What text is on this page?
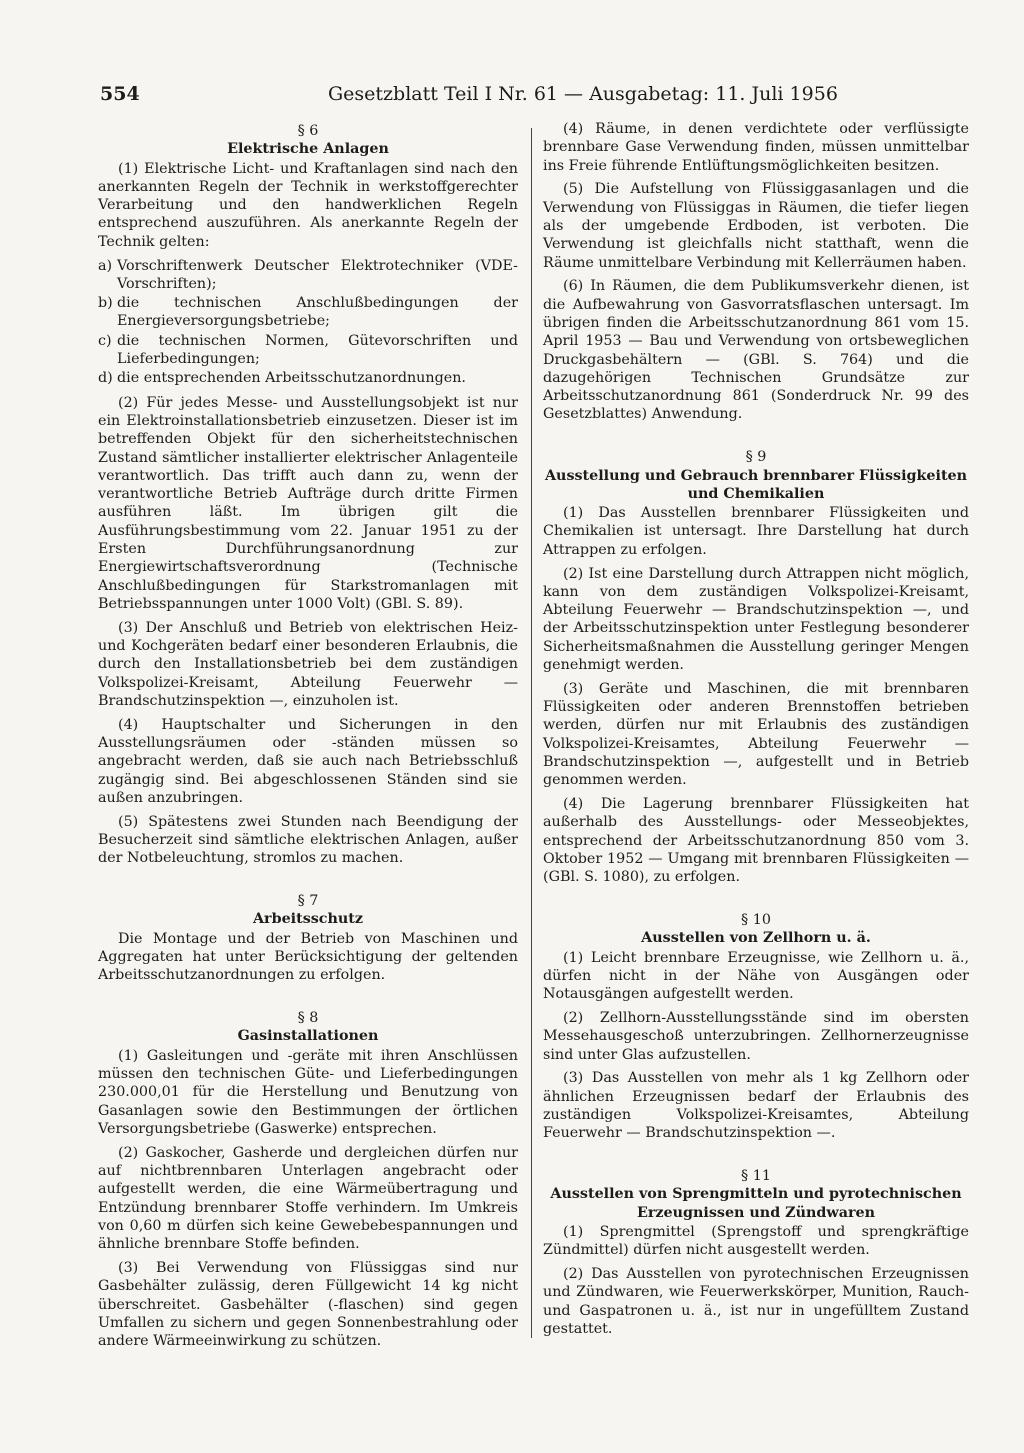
554	Gesetzblatt Teil I Nr. 61 — Ausgabetag: 11. Juli 1956
§ 6
Elektrische Anlagen

(1) Elektrische Licht- und Kraftanlagen sind nach den anerkannten Regeln der Technik in werkstoffgerechter Verarbeitung und den handwerklichen Regeln entsprechend auszuführen. Als anerkannte Regeln der Technik gelten:

a) Vorschriftenwerk Deutscher Elektrotechniker (VDE-Vorschriften);
b) die technischen Anschlußbedingungen der Energieversorgungsbetriebe;
c) die technischen Normen, Gütevorschriften und Lieferbedingungen;
d) die entsprechenden Arbeitsschutzanordnungen.

(2) Für jedes Messe- und Ausstellungsobjekt ist nur ein Elektroinstallationsbetrieb einzusetzen. Dieser ist im betreffenden Objekt für den sicherheitstechnischen Zustand sämtlicher installierter elektrischer Anlagenteile verantwortlich. Das trifft auch dann zu, wenn der verantwortliche Betrieb Aufträge durch dritte Firmen ausführen läßt. Im übrigen gilt die Ausführungsbestimmung vom 22. Januar 1951 zu der Ersten Durchführungsanordnung zur Energiewirtschaftsverordnung (Technische Anschlußbedingungen für Starkstromanlagen mit Betriebsspannungen unter 1000 Volt) (GBl. S. 89).

(3) Der Anschluß und Betrieb von elektrischen Heiz- und Kochgeräten bedarf einer besonderen Erlaubnis, die durch den Installationsbetrieb bei dem zuständigen Volkspolizei-Kreisamt, Abteilung Feuerwehr — Brandschutzinspektion —, einzuholen ist.

(4) Hauptschalter und Sicherungen in den Ausstellungsräumen oder -ständen müssen so angebracht werden, daß sie auch nach Betriebsschluß zugängig sind. Bei abgeschlossenen Ständen sind sie außen anzubringen.

(5) Spätestens zwei Stunden nach Beendigung der Besucherzeit sind sämtliche elektrischen Anlagen, außer der Notbeleuchtung, stromlos zu machen.

§ 7
Arbeitsschutz

Die Montage und der Betrieb von Maschinen und Aggregaten hat unter Berücksichtigung der geltenden Arbeitsschutzanordnungen zu erfolgen.

§ 8
Gasinstallationen

(1) Gasleitungen und -geräte mit ihren Anschlüssen müssen den technischen Güte- und Lieferbedingungen 230.000,01 für die Herstellung und Benutzung von Gasanlagen sowie den Bestimmungen der örtlichen Versorgungsbetriebe (Gaswerke) entsprechen.

(2) Gaskocher, Gasherde und dergleichen dürfen nur auf nichtbrennbaren Unterlagen angebracht oder aufgestellt werden, die eine Wärmeübertragung und Entzündung brennbarer Stoffe verhindern. Im Umkreis von 0,60 m dürfen sich keine Gewebebespannungen und ähnliche brennbare Stoffe befinden.

(3) Bei Verwendung von Flüssiggas sind nur Gasbehälter zulässig, deren Füllgewicht 14 kg nicht überschreitet. Gasbehälter (-flaschen) sind gegen Umfallen zu sichern und gegen Sonnenbestrahlung oder andere Wärmeeinwirkung zu schützen.

(4) Räume, in denen verdichtete oder verflüssigte brennbare Gase Verwendung finden, müssen unmittelbar ins Freie führende Entlüftungsmöglichkeiten besitzen.

(5) Die Aufstellung von Flüssiggasanlagen und die Verwendung von Flüssiggas in Räumen, die tiefer liegen als der umgebende Erdboden, ist verboten. Die Verwendung ist gleichfalls nicht statthaft, wenn die Räume unmittelbare Verbindung mit Kellerräumen haben.

(6) In Räumen, die dem Publikumsverkehr dienen, ist die Aufbewahrung von Gasvorratsflaschen untersagt. Im übrigen finden die Arbeitsschutzanordnung 861 vom 15. April 1953 — Bau und Verwendung von ortsbeweglichen Druckgasbehältern — (GBl. S. 764) und die dazugehörigen Technischen Grundsätze zur Arbeitsschutzanordnung 861 (Sonderdruck Nr. 99 des Gesetzblattes) Anwendung.

§ 9
Ausstellung und Gebrauch brennbarer Flüssigkeiten und Chemikalien

(1) Das Ausstellen brennbarer Flüssigkeiten und Chemikalien ist untersagt. Ihre Darstellung hat durch Attrappen zu erfolgen.

(2) Ist eine Darstellung durch Attrappen nicht möglich, kann von dem zuständigen Volkspolizei-Kreisamt, Abteilung Feuerwehr — Brandschutzinspektion —, und der Arbeitsschutzinspektion unter Festlegung besonderer Sicherheitsmaßnahmen die Ausstellung geringer Mengen genehmigt werden.

(3) Geräte und Maschinen, die mit brennbaren Flüssigkeiten oder anderen Brennstoffen betrieben werden, dürfen nur mit Erlaubnis des zuständigen Volkspolizei-Kreisamtes, Abteilung Feuerwehr — Brandschutzinspektion —, aufgestellt und in Betrieb genommen werden.

(4) Die Lagerung brennbarer Flüssigkeiten hat außerhalb des Ausstellungs- oder Messeobjektes, entsprechend der Arbeitsschutzanordnung 850 vom 3. Oktober 1952 — Umgang mit brennbaren Flüssigkeiten — (GBl. S. 1080), zu erfolgen.

§ 10
Ausstellen von Zellhorn u. ä.

(1) Leicht brennbare Erzeugnisse, wie Zellhorn u. ä., dürfen nicht in der Nähe von Ausgängen oder Notausgängen aufgestellt werden.

(2) Zellhorn-Ausstellungsstände sind im obersten Messehausgeschoß unterzubringen. Zellhornerzeugnisse sind unter Glas aufzustellen.

(3) Das Ausstellen von mehr als 1 kg Zellhorn oder ähnlichen Erzeugnissen bedarf der Erlaubnis des zuständigen Volkspolizei-Kreisamtes, Abteilung Feuerwehr — Brandschutzinspektion —.

§ 11
Ausstellen von Sprengmitteln und pyrotechnischen Erzeugnissen und Zündwaren

(1) Sprengmittel (Sprengstoff und sprengkräftige Zündmittel) dürfen nicht ausgestellt werden.

(2) Das Ausstellen von pyrotechnischen Erzeugnissen und Zündwaren, wie Feuerwerkskörper, Munition, Rauch- und Gaspatronen u. ä., ist nur in ungefülltem Zustand gestattet.
